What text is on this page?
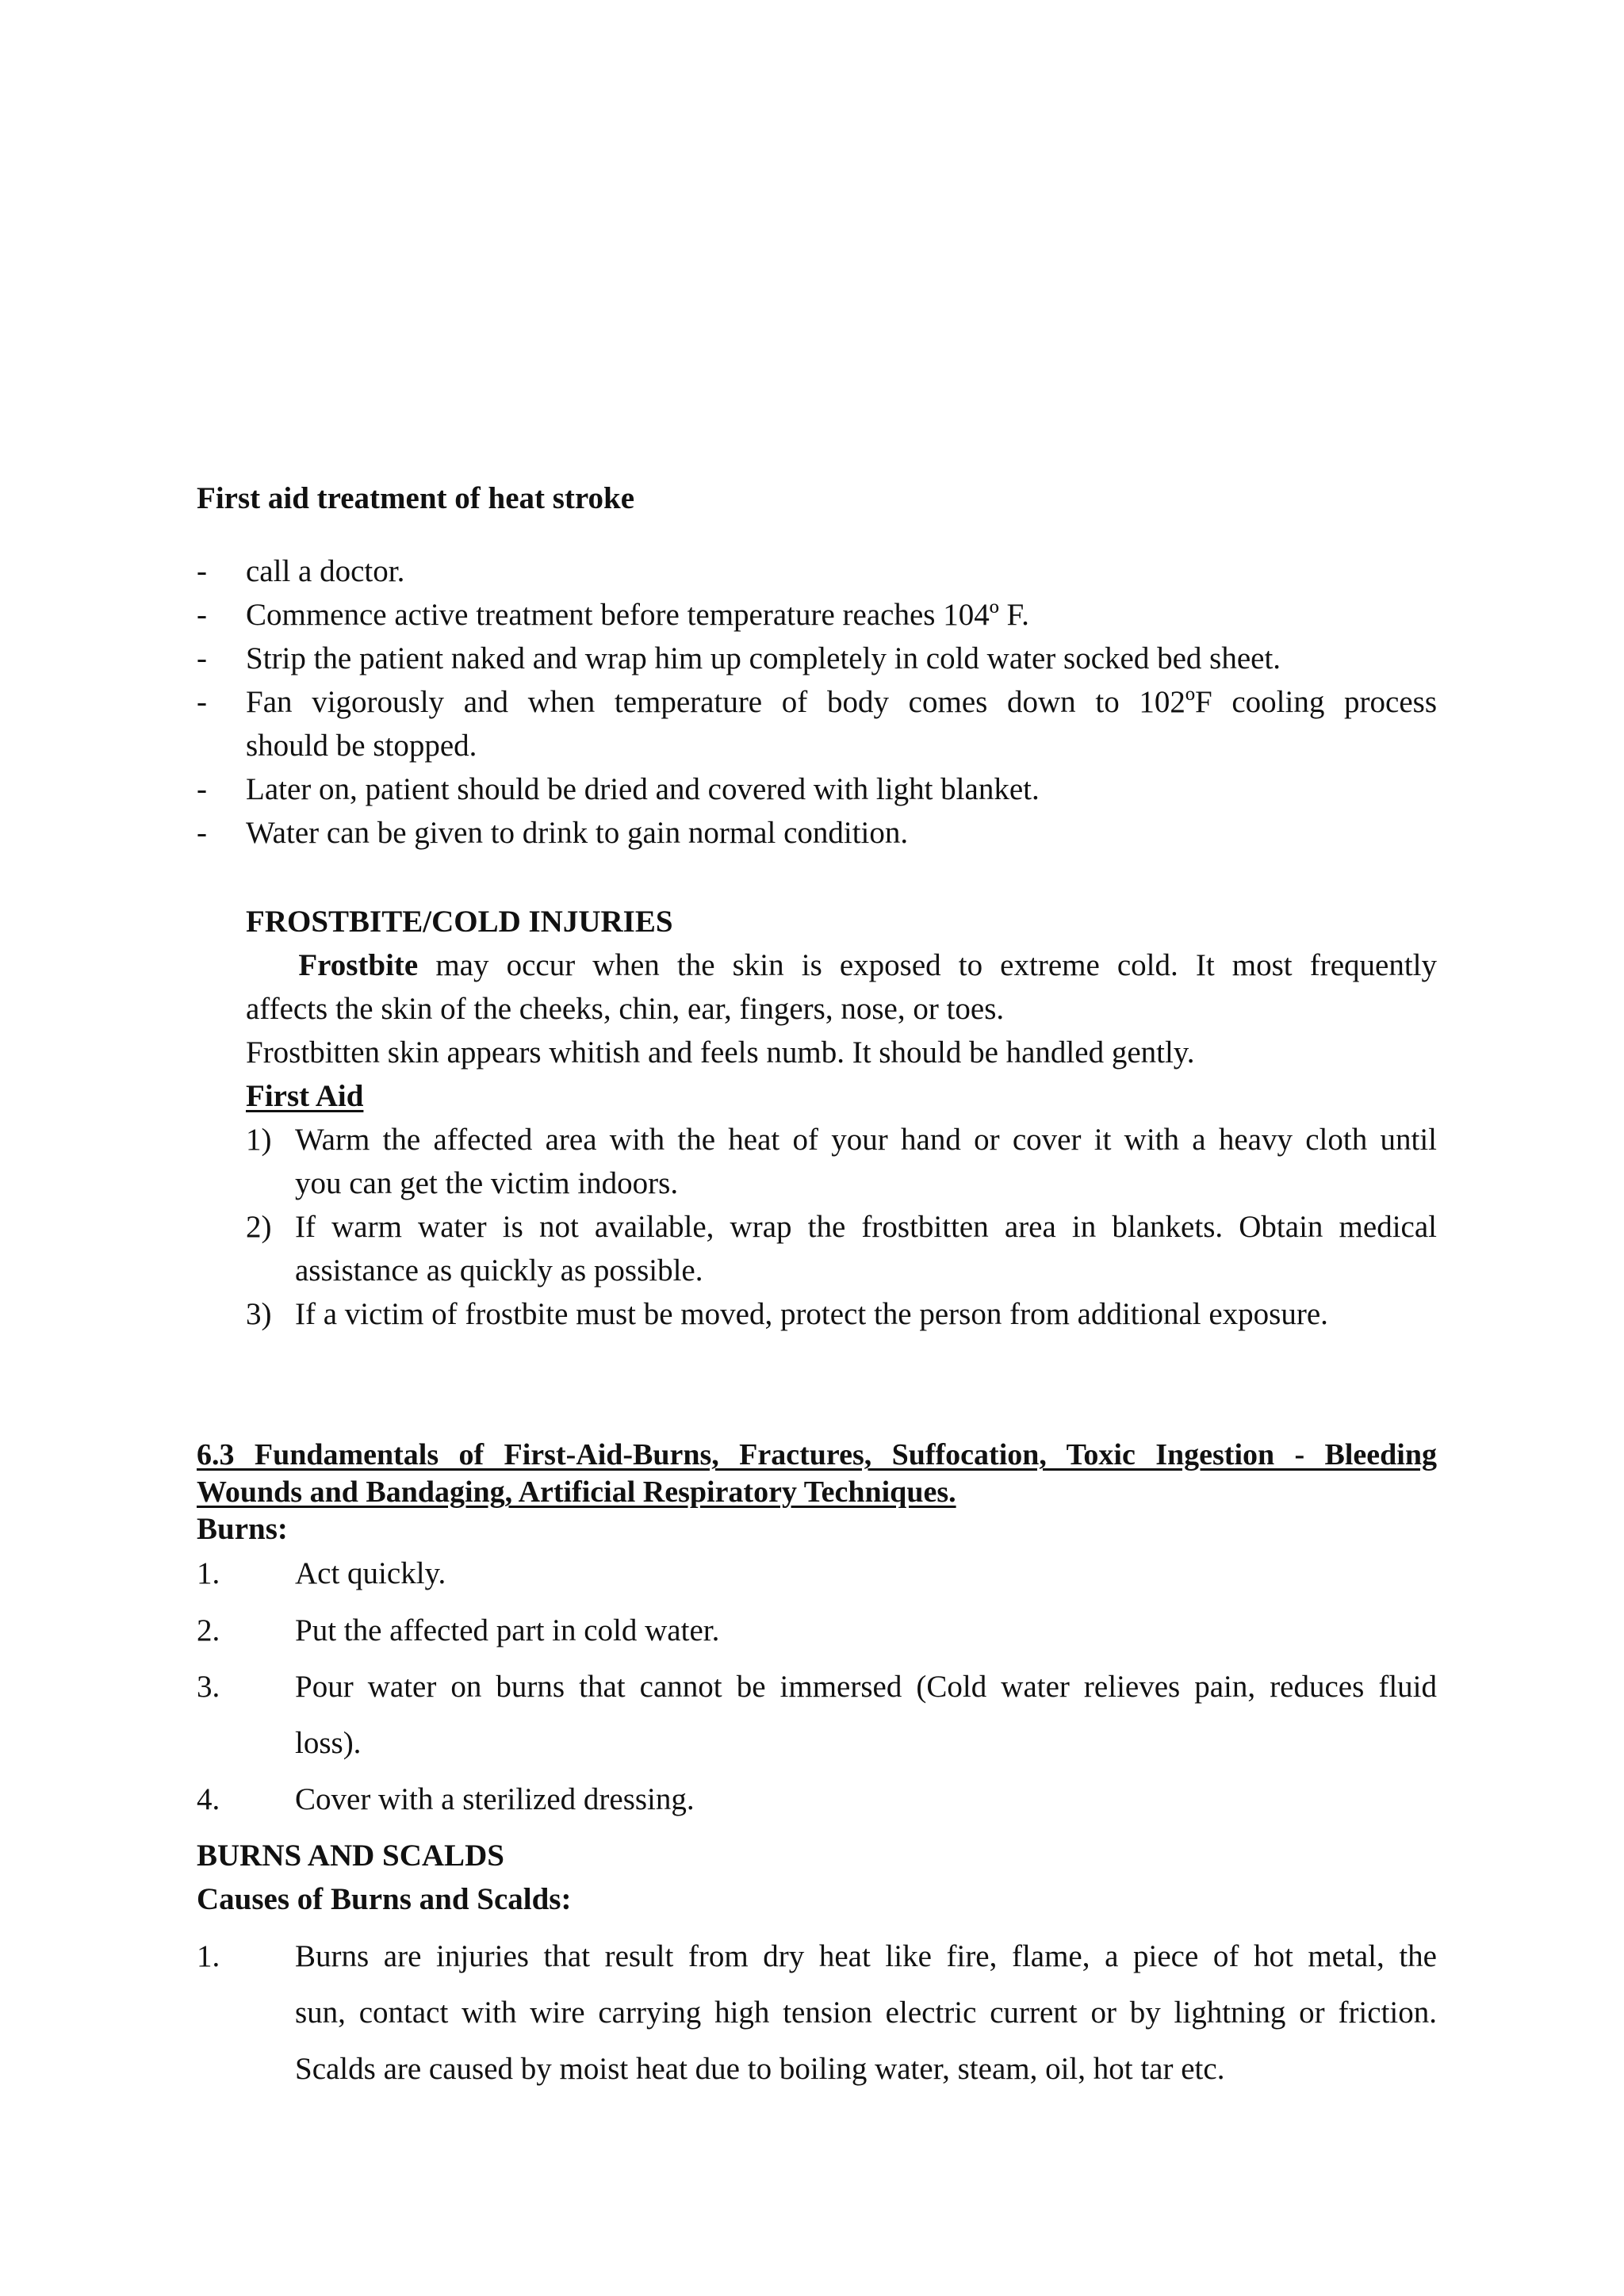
First aid treatment of heat stroke
- call a doctor.
- Commence active treatment before temperature reaches 104º F.
- Strip the patient naked and wrap him up completely in cold water socked bed sheet.
- Fan vigorously and when temperature of body comes down to 102ºF cooling process
should be stopped.
- Later on, patient should be dried and covered with light blanket.
- Water can be given to drink to gain normal condition.
FROSTBITE/COLD INJURIES
Frostbite may occur when the skin is exposed to extreme cold. It most frequently
affects the skin of the cheeks, chin, ear, fingers, nose, or toes.
Frostbitten skin appears whitish and feels numb. It should be handled gently.
First Aid
1) Warm the affected area with the heat of your hand or cover it with a heavy cloth until
you can get the victim indoors.
2) If warm water is not available, wrap the frostbitten area in blankets. Obtain medical
assistance as quickly as possible.
3) If a victim of frostbite must be moved, protect the person from additional exposure.
6.3 Fundamentals of First-Aid-Burns, Fractures, Suffocation, Toxic Ingestion - Bleeding
Wounds and Bandaging, Artificial Respiratory Techniques.
Burns:
1. Act quickly.
2. Put the affected part in cold water.
3. Pour water on burns that cannot be immersed (Cold water relieves pain, reduces fluid
loss).
4. Cover with a sterilized dressing.
BURNS AND SCALDS
Causes of Burns and Scalds:
1. Burns are injuries that result from dry heat like fire, flame, a piece of hot metal, the
sun, contact with wire carrying high tension electric current or by lightning or friction.
Scalds are caused by moist heat due to boiling water, steam, oil, hot tar etc.
